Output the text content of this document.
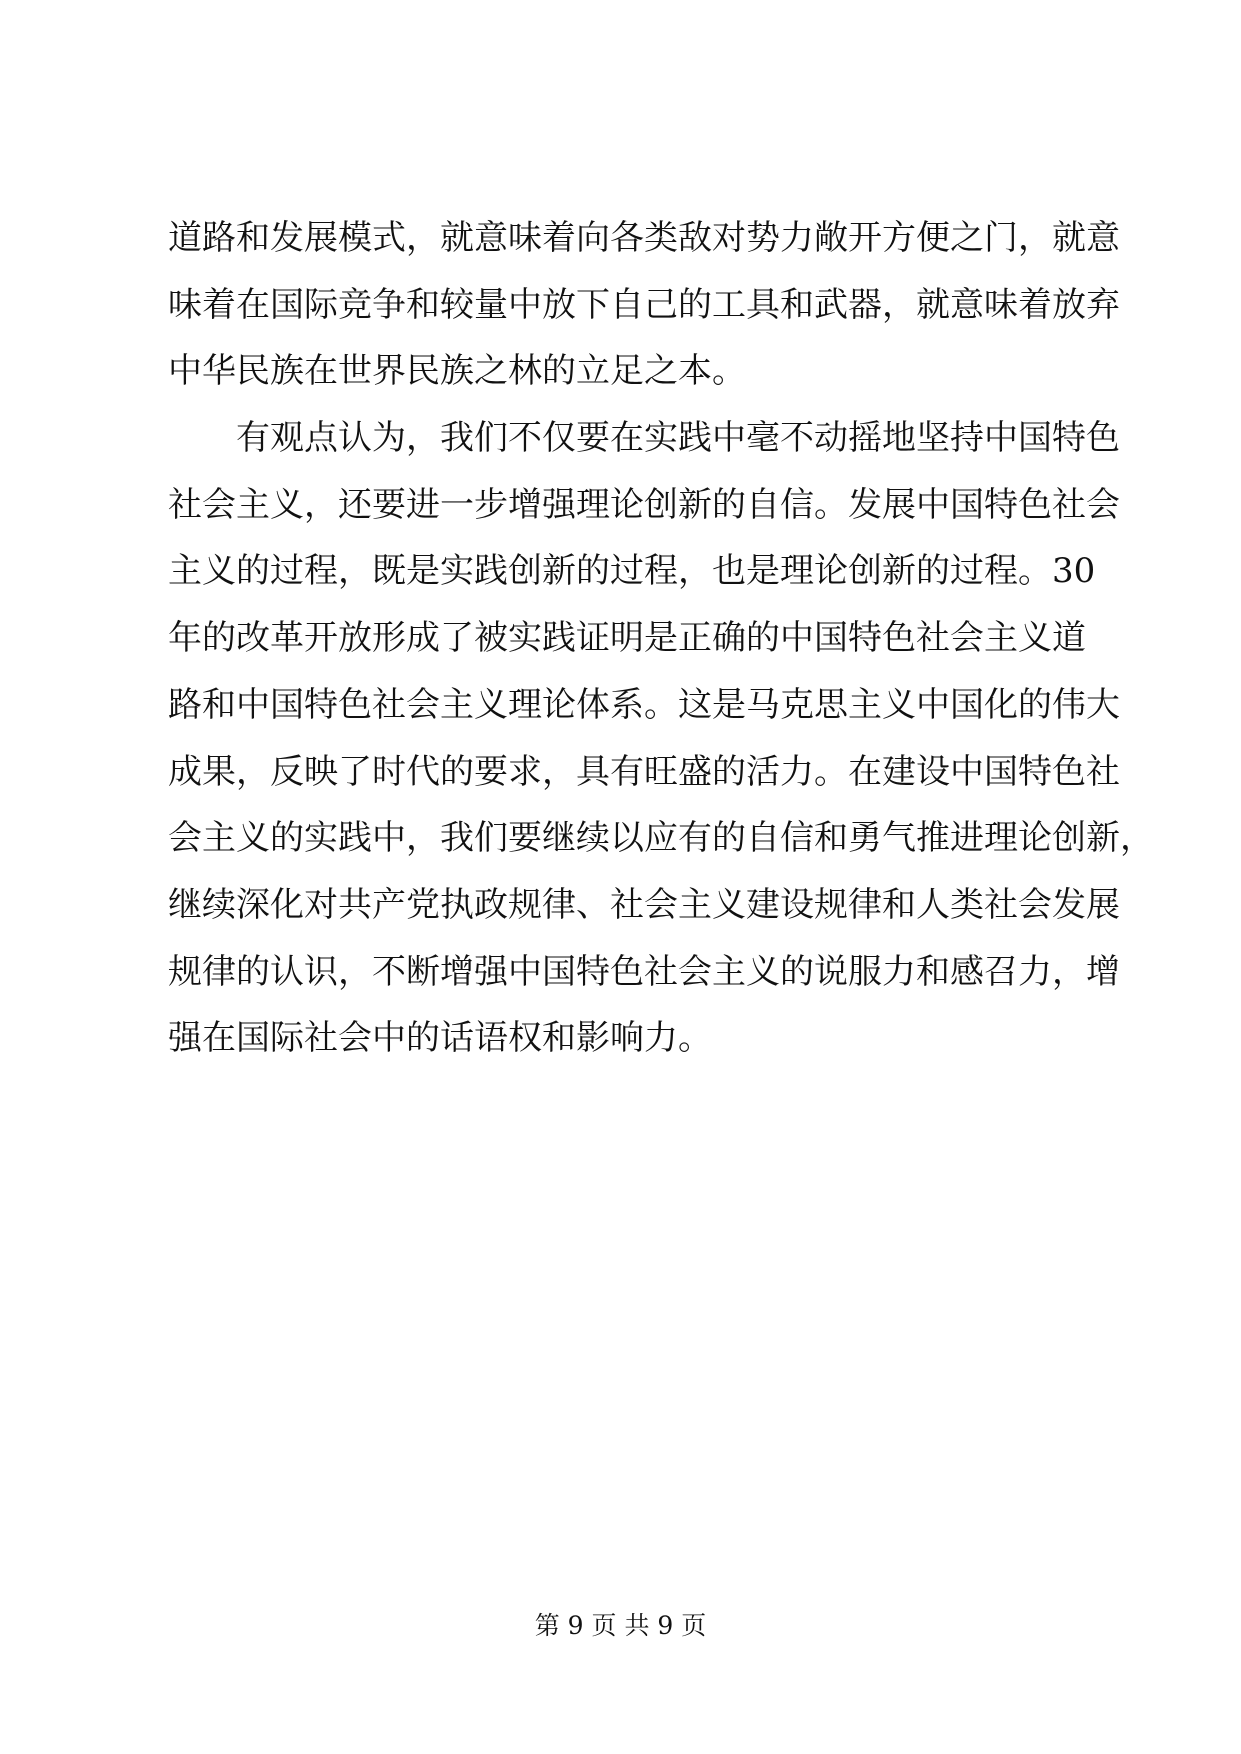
道路和发展模式，就意味着向各类敌对势力敞开方便之门，就意
味着在国际竞争和较量中放下自己的工具和武器，就意味着放弃
中华民族在世界民族之林的立足之本。
有观点认为，我们不仅要在实践中毫不动摇地坚持中国特色
社会主义，还要进一步增强理论创新的自信。发展中国特色社会
主义的过程，既是实践创新的过程，也是理论创新的过程。30
年的改革开放形成了被实践证明是正确的中国特色社会主义道
路和中国特色社会主义理论体系。这是马克思主义中国化的伟大
成果，反映了时代的要求，具有旺盛的活力。在建设中国特色社
会主义的实践中，我们要继续以应有的自信和勇气推进理论创新，
继续深化对共产党执政规律、社会主义建设规律和人类社会发展
规律的认识，不断增强中国特色社会主义的说服力和感召力，增
强在国际社会中的话语权和影响力。
第 9 页 共 9 页
